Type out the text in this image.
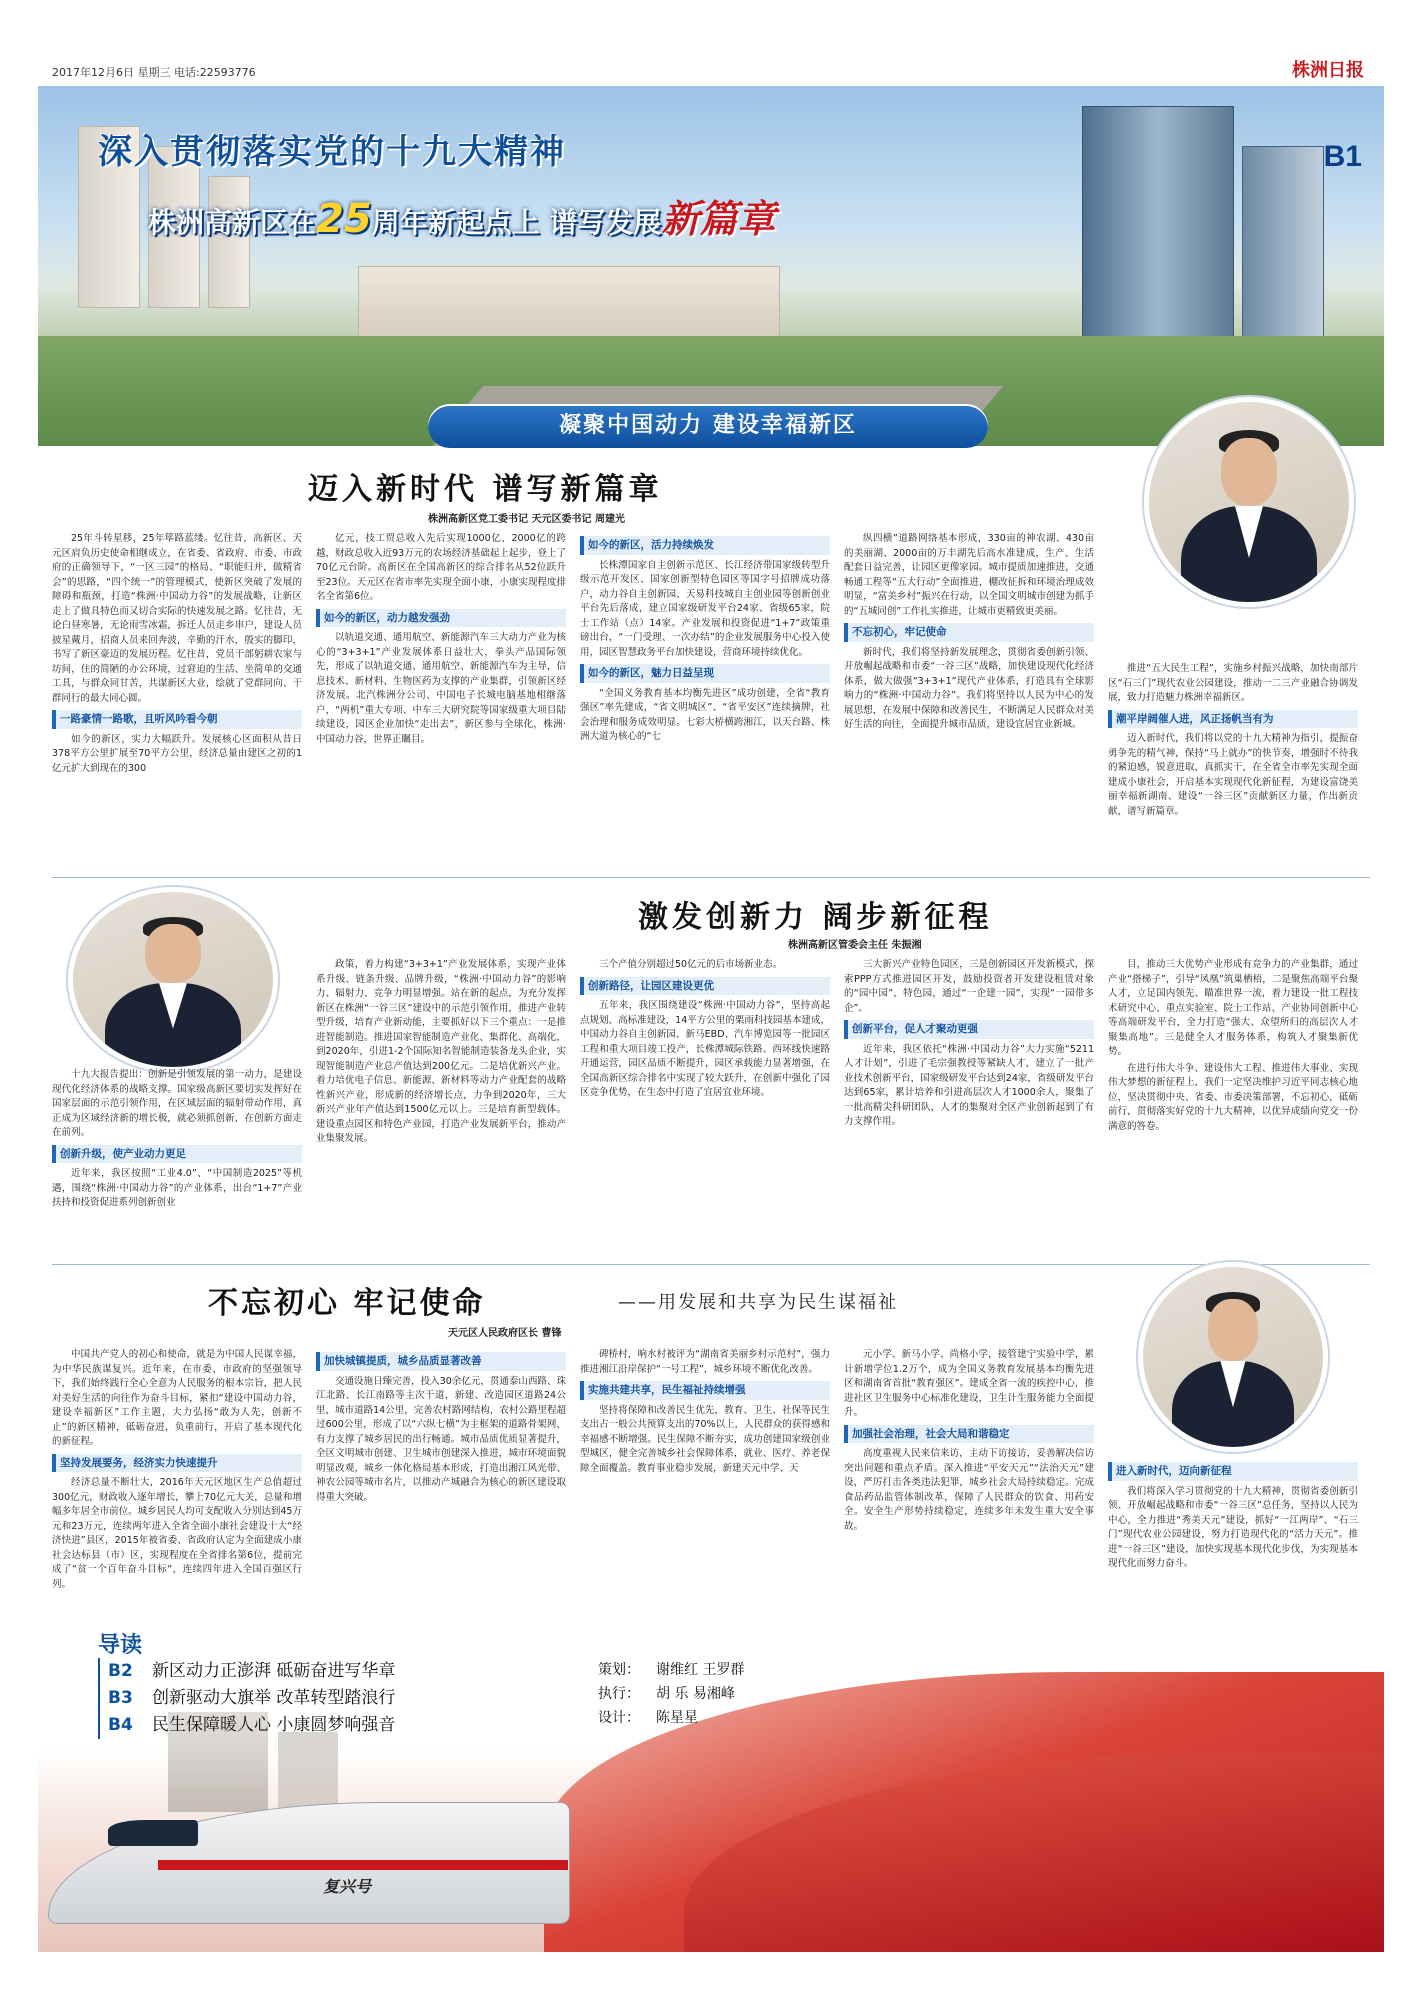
2017年12月6日 星期三 电话:22593776	株洲日报
B1
深入贯彻落实党的十九大精神
株洲高新区在25周年新起点上 谱写发展新篇章
凝聚中国动力 建设幸福新区
迈入新时代 谱写新篇章
株洲高新区党工委书记 天元区委书记 周建光

25年斗转星移，25年筚路蓝缕。忆往昔，高新区、天元区肩负历史使命相继成立，在省委、省政府、市委、市政府的正确领导下，“一区三园”的格局、“职能归并，做精省会”的思路，“四个统一”的管理模式，使新区突破了发展的障碍和瓶颈，打造“株洲·中国动力谷”的发展战略，让新区走上了做具特色而又切合实际的快速发展之路。忆往昔，无论白昼寒暑，无论雨雪冰霜，拆迁人员走乡串户，建设人员披星戴月，招商人员来回奔波，辛勤的汗水，殷实的脚印，书写了新区豪迈的发展历程。忆往昔，党员干部躬耕农家与坊间，住的简陋的办公环境，过窘迫的生活、坐简单的交通工具，与群众同甘苦，共谋新区大业，绘就了党群同向、干群同行的最大同心圆。

一路豪情一路歌，且听风吟看今朝

如今的新区，实力大幅跃升。发展核心区面积从昔日378平方公里扩展至70平方公里，经济总量由建区之初的1亿元扩大到现在的300

亿元，技工贸总收入先后实现1000亿、2000亿的跨越，财政总收入近93万元的农场经济基础起上起步，登上了70亿元台阶。高新区在全国高新区的综合排名从52位跃升至23位。天元区在省市率先实现全面小康，小康实现程度排名全省第6位。

如今的新区，动力越发强劲

以轨道交通、通用航空、新能源汽车三大动力产业为核心的“3+3+1”产业发展体系日益壮大，拳头产品国际领先，形成了以轨道交通、通用航空、新能源汽车为主导，信息技术、新材料、生物医药为支撑的产业集群，引领新区经济发展。北汽株洲分公司、中国电子长城电脑基地相继落户，“两机”重大专项、中车三大研究院等国家级重大项目陆续建设，园区企业加快“走出去”，新区参与全球化，株洲·中国动力谷，世界正瞩目。

如今的新区，活力持续焕发

长株潭国家自主创新示范区、长江经济带国家级转型升级示范开发区、国家创新型特色园区等国字号招牌成功落户，动力谷自主创新园、天易科技城自主创业园等创新创业平台先后落成，建立国家级研发平台24家、省级65家，院士工作站（点）14家。产业发展和投资促进“1+7”政策重磅出台，“一门受理、一次办结”的企业发展服务中心投入使用，园区智慧政务平台加快建设，营商环境持续优化。

如今的新区，魅力日益呈现

“全国义务教育基本均衡先进区”成功创建，全省“教育强区”率先建成，“省文明城区”、“省平安区”连续摘牌，社会治理和服务成效明显。七彩大桥横跨湘江，以天台路、株洲大道为核心的“七

纵四横”道路网络基本形成，330亩的神农湖、430亩的美丽湖、2000亩的万丰湖先后高水准建成，生产、生活配套日益完善，让园区更像家园。城市提质加速推进，交通畅通工程等“五大行动”全面推进，棚改征拆和环境治理成效明显，“富美乡村”振兴在行动，以全国文明城市创建为抓手的“五城同创”工作扎实推进，让城市更精致更美丽。

不忘初心，牢记使命

新时代，我们将坚持新发展理念，贯彻省委创新引领、开放崛起战略和市委“一谷三区”战略，加快建设现代化经济体系，做大做强“3+3+1”现代产业体系，打造具有全球影响力的“株洲·中国动力谷”。我们将坚持以人民为中心的发展思想，在发展中保障和改善民生，不断满足人民群众对美好生活的向往，全面提升城市品质，建设宜居宜业新城。

推进“五大民生工程”，实施乡村振兴战略，加快南部片区“石三门”现代农业公园建设，推动一二三产业融合协调发展，致力打造魅力株洲幸福新区。

潮平岸阔催人进，风正扬帆当有为

迈入新时代，我们将以党的十九大精神为指引，提振奋勇争先的精气神，保持“马上就办”的快节奏，增强时不待我的紧迫感，锐意进取，真抓实干，在全省全市率先实现全面建成小康社会，开启基本实现现代化新征程，为建设富饶美丽幸福新湖南、建设“一谷三区”贡献新区力量，作出新贡献，谱写新篇章。

激发创新力 阔步新征程
株洲高新区管委会主任 朱振湘

十九大报告提出：创新是引领发展的第一动力，是建设现代化经济体系的战略支撑。国家级高新区要切实发挥好在国家层面的示范引领作用，在区域层面的辐射带动作用，真正成为区域经济新的增长极，就必须抓创新，在创新方面走在前列。

创新升级，使产业动力更足

近年来，我区按照“工业4.0”、“中国制造2025”等机遇，围绕“株洲·中国动力谷”的产业体系，出台“1+7”产业扶持和投资促进系列创新创业

政策，着力构建“3+3+1”产业发展体系，实现产业体系升级、链条升级、品牌升级，“株洲·中国动力谷”的影响力、辐射力、竞争力明显增强。站在新的起点，为充分发挥新区在株洲“一谷三区”建设中的示范引领作用，推进产业转型升级，培育产业新动能，主要抓好以下三个重点：一是推进智能制造。推进国家智能制造产业化、集群化、高端化，到2020年，引进1-2个国际知名智能制造装备龙头企业，实现智能制造产业总产值达到200亿元。二是培优新兴产业。着力培优电子信息、新能源、新材料等动力产业配套的战略性新兴产业，形成新的经济增长点，力争到2020年，三大新兴产业年产值达到1500亿元以上。三是培育新型载体。建设重点园区和特色产业园，打造产业发展新平台，推动产业集聚发展。

三个产值分别超过50亿元的后市场新业态。

创新路径，让园区建设更优

五年来，我区围绕建设“株洲·中国动力谷”，坚持高起点规划、高标准建设，14平方公里的栗雨科技园基本建成，中国动力谷自主创新园、新马EBD、汽车博览园等一批园区工程和重大项目竣工投产，长株潭城际铁路、西环线快速路开通运营，园区品质不断提升，园区承载能力显著增强，在全国高新区综合排名中实现了较大跃升，在创新中强化了园区竞争优势，在生态中打造了宜居宜业环境。

三大新兴产业特色园区，三是创新园区开发新模式，探索PPP方式推进园区开发，鼓励投资者开发建设租赁对象的“园中园”，特色园，通过“一企建一园”，实现“一园带多企”。

创新平台，促人才聚动更强

近年来，我区依托“株洲·中国动力谷”大力实施“5211人才计划”，引进了毛宗强教授等紧缺人才，建立了一批产业技术创新平台，国家级研发平台达到24家，省级研发平台达到65家，累计培养和引进高层次人才1000余人，聚集了一批高精尖科研团队，人才的集聚对全区产业创新起到了有力支撑作用。

目，推动三大优势产业形成有竞争力的产业集群，通过产业“搭梯子”，引导“凤凰”筑巢栖梧，二是聚焦高端平台聚人才，立足国内领先、瞄准世界一流，着力建设一批工程技术研究中心、重点实验室、院士工作站、产业协同创新中心等高端研发平台，全力打造“强大、众望所归的高层次人才聚集高地”。三是健全人才服务体系，构筑人才聚集新优势。

在进行伟大斗争、建设伟大工程、推进伟大事业、实现伟大梦想的新征程上，我们一定坚决维护习近平同志核心地位，坚决贯彻中央、省委、市委决策部署，不忘初心，砥砺前行，贯彻落实好党的十九大精神，以优异成绩向党交一份满意的答卷。

不忘初心 牢记使命	——用发展和共享为民生谋福祉
天元区人民政府区长 曹锋

中国共产党人的初心和使命，就是为中国人民谋幸福，为中华民族谋复兴。近年来，在市委、市政府的坚强领导下，我们始终践行全心全意为人民服务的根本宗旨，把人民对美好生活的向往作为奋斗目标，紧扣“建设中国动力谷，建设幸福新区”工作主题，大力弘扬“敢为人先，创新不止”的新区精神，砥砺奋进，负重前行，开启了基本现代化的新征程。

坚持发展要务，经济实力快速提升

经济总量不断壮大，2016年天元区地区生产总值超过300亿元，财政收入逐年增长，攀上70亿元大关，总量和增幅多年居全市前位。城乡居民人均可支配收入分别达到45万元和23万元，连续两年进入全省全面小康社会建设十大“经济快进”县区，2015年被省委、省政府认定为全面建成小康社会达标县（市）区，实现程度在全省排名第6位，提前完成了“贫一个百年奋斗目标”，连续四年进入全国百强区行列。

加快城镇提质，城乡品质显著改善

交通设施日臻完善，投入30余亿元，贯通泰山西路、珠江北路、长江南路等主次干道，新建、改造园区道路24公里，城市道路14公里，完善农村路网结构，农村公路里程超过600公里，形成了以“六纵七横”为主框架的道路骨架网，有力支撑了城乡居民的出行畅通。城市品质优质显著提升，全区文明城市创建、卫生城市创建深入推进，城市环境面貌明显改观，城乡一体化格局基本形成，打造出湘江风光带、神农公园等城市名片，以推动产城融合为核心的新区建设取得重大突破。

碑桥村，响水村被评为“湖南省美丽乡村示范村”，强力推进湘江沿岸保护“一号工程”，城乡环境不断优化改善。

实施共建共享，民生福祉持续增强

坚持将保障和改善民生优先，教育、卫生、社保等民生支出占一般公共预算支出的70%以上，人民群众的获得感和幸福感不断增强。民生保障不断夯实，成功创建国家级创业型城区，健全完善城乡社会保障体系，就业、医疗、养老保障全面覆盖。教育事业稳步发展，新建天元中学、天

元小学、新马小学、尚格小学，接管建宁实验中学，累计新增学位1.2万个，成为全国义务教育发展基本均衡先进区和湖南省首批“教育强区”。建成全省一流的疾控中心，推进社区卫生服务中心标准化建设，卫生计生服务能力全面提升。

加强社会治理，社会大局和谐稳定

高度重视人民来信来访，主动下访接访，妥善解决信访突出问题和重点矛盾。深入推进“平安天元”“法治天元”建设，严厉打击各类违法犯罪，城乡社会大局持续稳定。完成食品药品监管体制改革，保障了人民群众的饮食、用药安全。安全生产形势持续稳定，连续多年未发生重大安全事故。

进入新时代，迈向新征程

我们将深入学习贯彻党的十九大精神，贯彻省委创新引领、开放崛起战略和市委“一谷三区”总任务，坚持以人民为中心，全力推进“秀美天元”建设，抓好“一江两岸”、“石三门”现代农业公园建设，努力打造现代化的“活力天元”。推进“一谷三区”建设，加快实现基本现代化步伐，为实现基本现代化而努力奋斗。

复兴号
导读
B2 新区动力正澎湃 砥砺奋进写华章
B3 创新驱动大旗举 改革转型踏浪行
B4 民生保障暖人心 小康圆梦响强音
策划： 谢维红 王罗群
执行： 胡 乐 易湘峰
设计： 陈星星
